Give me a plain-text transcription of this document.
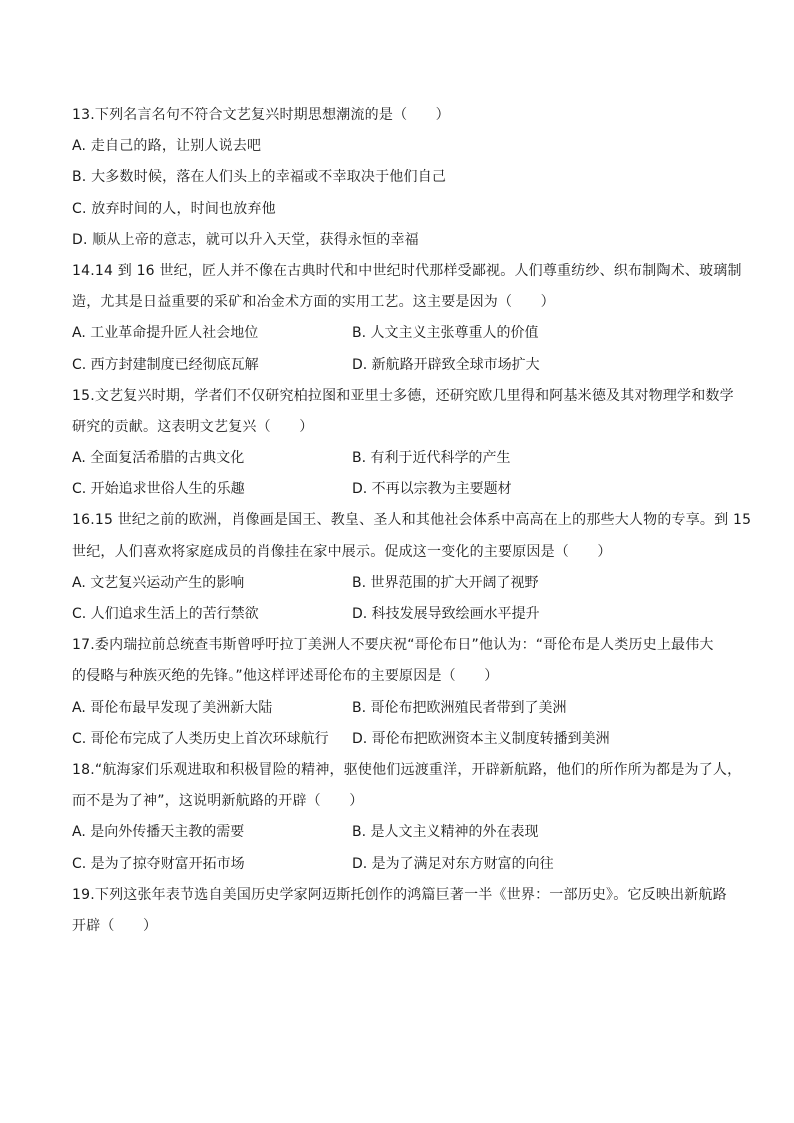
13.下列名言名句不符合文艺复兴时期思想潮流的是（　　）
A. 走自己的路，让别人说去吧
B. 大多数时候，落在人们头上的幸福或不幸取决于他们自己
C. 放弃时间的人，时间也放弃他
D. 顺从上帝的意志，就可以升入天堂，获得永恒的幸福
14.14 到 16 世纪，匠人并不像在古典时代和中世纪时代那样受鄙视。人们尊重纺纱、织布制陶术、玻璃制
造，尤其是日益重要的采矿和冶金术方面的实用工艺。这主要是因为（　　）
A. 工业革命提升匠人社会地位	B. 人文主义主张尊重人的价值
C. 西方封建制度已经彻底瓦解	D. 新航路开辟致全球市场扩大
15.文艺复兴时期，学者们不仅研究柏拉图和亚里士多德，还研究欧几里得和阿基米德及其对物理学和数学
研究的贡献。这表明文艺复兴（　　）
A. 全面复活希腊的古典文化	B. 有利于近代科学的产生
C. 开始追求世俗人生的乐趣	D. 不再以宗教为主要题材
16.15 世纪之前的欧洲，肖像画是国王、教皇、圣人和其他社会体系中高高在上的那些大人物的专享。到 15
世纪，人们喜欢将家庭成员的肖像挂在家中展示。促成这一变化的主要原因是（　　）
A. 文艺复兴运动产生的影响	B. 世界范围的扩大开阔了视野
C. 人们追求生活上的苦行禁欲	D. 科技发展导致绘画水平提升
17.委内瑞拉前总统查韦斯曾呼吁拉丁美洲人不要庆祝“哥伦布日”他认为：“哥伦布是人类历史上最伟大
的侵略与种族灭绝的先锋。”他这样评述哥伦布的主要原因是（　　）
A. 哥伦布最早发现了美洲新大陆	B. 哥伦布把欧洲殖民者带到了美洲
C. 哥伦布完成了人类历史上首次环球航行	D. 哥伦布把欧洲资本主义制度转播到美洲
18.“航海家们乐观进取和积极冒险的精神，驱使他们远渡重洋，开辟新航路，他们的所作所为都是为了人，
而不是为了神”，这说明新航路的开辟（　　）
A. 是向外传播天主教的需要	B. 是人文主义精神的外在表现
C. 是为了掠夺财富开拓市场	D. 是为了满足对东方财富的向往
19.下列这张年表节选自美国历史学家阿迈斯托创作的鸿篇巨著一半《世界：一部历史》。它反映出新航路
开辟（　　）
